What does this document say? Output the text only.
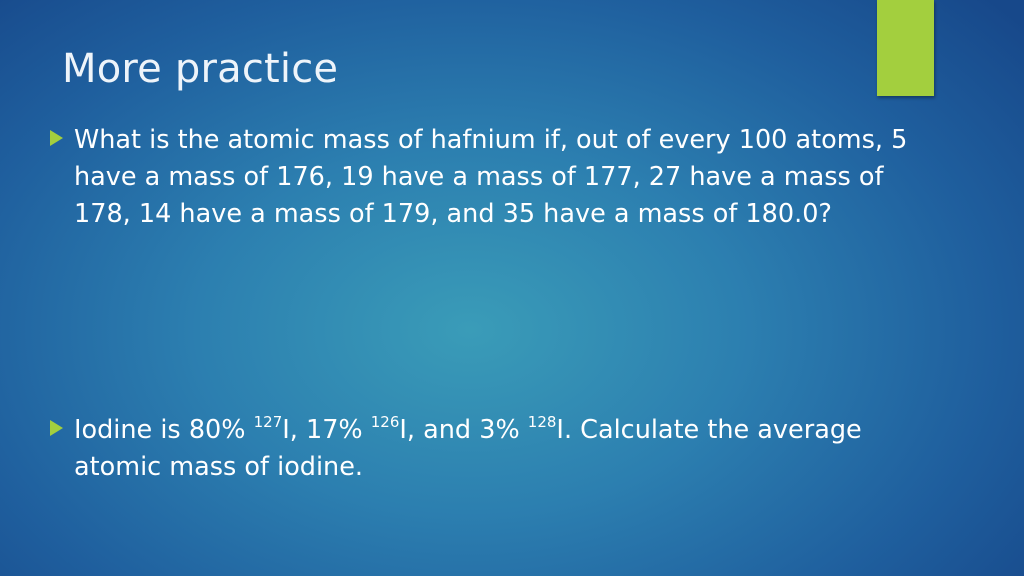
More practice
What is the atomic mass of hafnium if, out of every 100 atoms, 5 have a mass of 176, 19 have a mass of 177, 27 have a mass of 178, 14 have a mass of 179, and 35 have a mass of 180.0?
Iodine is 80% $^{127}$I, 17% $^{126}$I, and 3% $^{128}$I. Calculate the average atomic mass of iodine.
